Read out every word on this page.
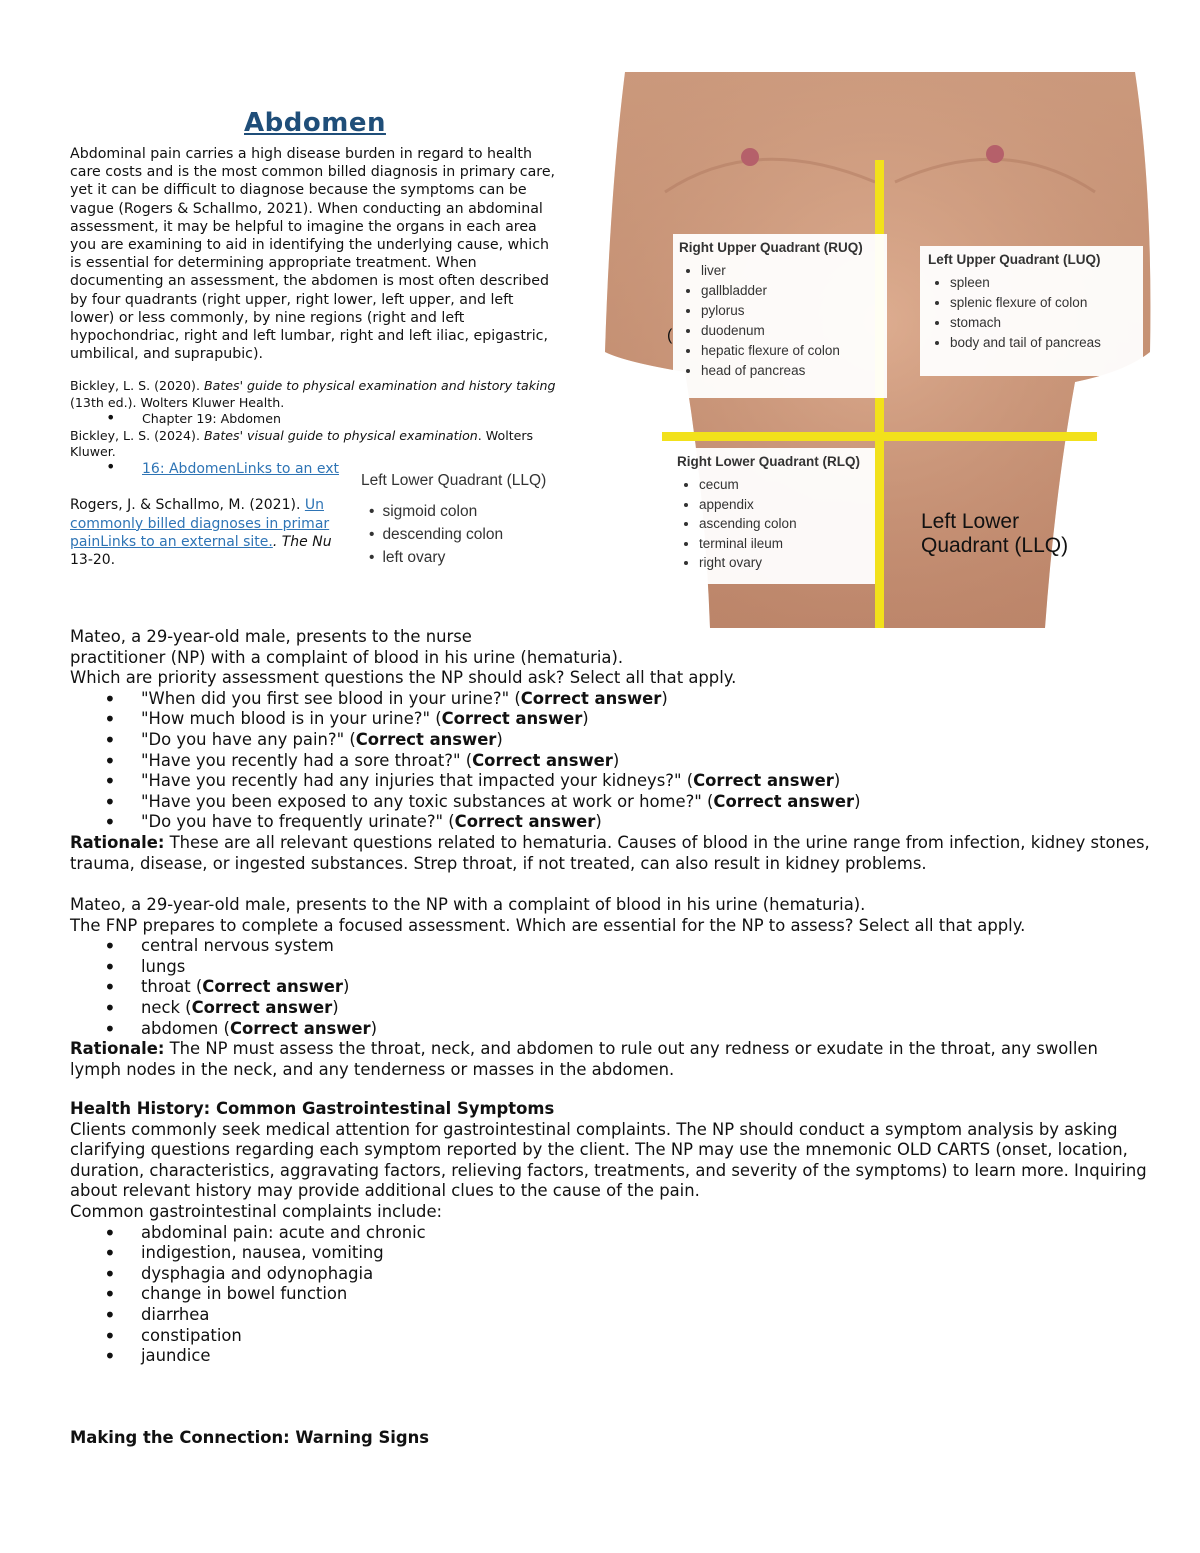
Abdomen
Abdominal pain carries a high disease burden in regard to health care costs and is the most common billed diagnosis in primary care, yet it can be difficult to diagnose because the symptoms can be vague (Rogers & Schallmo, 2021). When conducting an abdominal assessment, it may be helpful to imagine the organs in each area you are examining to aid in identifying the underlying cause, which is essential for determining appropriate treatment. When documenting an assessment, the abdomen is most often described by four quadrants (right upper, right lower, left upper, and left lower) or less commonly, by nine regions (right and left hypochondriac, right and left lumbar, right and left iliac, epigastric, umbilical, and suprapubic).
Bickley, L. S. (2020). Bates' guide to physical examination and history taking (13th ed.). Wolters Kluwer Health.
• Chapter 19: Abdomen
Bickley, L. S. (2024). Bates' visual guide to physical examination. Wolters Kluwer.
• 16: AbdomenLinks to an ext
Rogers, J. & Schallmo, M. (2021). Un
commonly billed diagnoses in primar
painLinks to an external site.. The Nu
13-20.
Right Upper Quadrant (RUQ)
• liver
• gallbladder
• pylorus
• duodenum
• hepatic flexure of colon
• head of pancreas
(
Left Upper Quadrant (LUQ)
• spleen
• splenic flexure of colon
• stomach
• body and tail of pancreas
Right Lower Quadrant (RLQ)
• cecum
• appendix
• ascending colon
• terminal ileum
• right ovary
Left Lower Quadrant (LLQ)
Left Lower Quadrant (LLQ)
• sigmoid colon
• descending colon
• left ovary
Mateo, a 29-year-old male, presents to the nurse
practitioner (NP) with a complaint of blood in his urine (hematuria).
Which are priority assessment questions the NP should ask? Select all that apply.
• "When did you first see blood in your urine?" (Correct answer)
• "How much blood is in your urine?" (Correct answer)
• "Do you have any pain?" (Correct answer)
• "Have you recently had a sore throat?" (Correct answer)
• "Have you recently had any injuries that impacted your kidneys?" (Correct answer)
• "Have you been exposed to any toxic substances at work or home?" (Correct answer)
• "Do you have to frequently urinate?" (Correct answer)
Rationale: These are all relevant questions related to hematuria. Causes of blood in the urine range from infection, kidney stones, trauma, disease, or ingested substances. Strep throat, if not treated, can also result in kidney problems.
Mateo, a 29-year-old male, presents to the NP with a complaint of blood in his urine (hematuria).
The FNP prepares to complete a focused assessment. Which are essential for the NP to assess? Select all that apply.
• central nervous system
• lungs
• throat (Correct answer)
• neck (Correct answer)
• abdomen (Correct answer)
Rationale: The NP must assess the throat, neck, and abdomen to rule out any redness or exudate in the throat, any swollen lymph nodes in the neck, and any tenderness or masses in the abdomen.
Health History: Common Gastrointestinal Symptoms
Clients commonly seek medical attention for gastrointestinal complaints. The NP should conduct a symptom analysis by asking clarifying questions regarding each symptom reported by the client. The NP may use the mnemonic OLD CARTS (onset, location, duration, characteristics, aggravating factors, relieving factors, treatments, and severity of the symptoms) to learn more. Inquiring about relevant history may provide additional clues to the cause of the pain.
Common gastrointestinal complaints include:
• abdominal pain: acute and chronic
• indigestion, nausea, vomiting
• dysphagia and odynophagia
• change in bowel function
• diarrhea
• constipation
• jaundice
Making the Connection: Warning Signs
